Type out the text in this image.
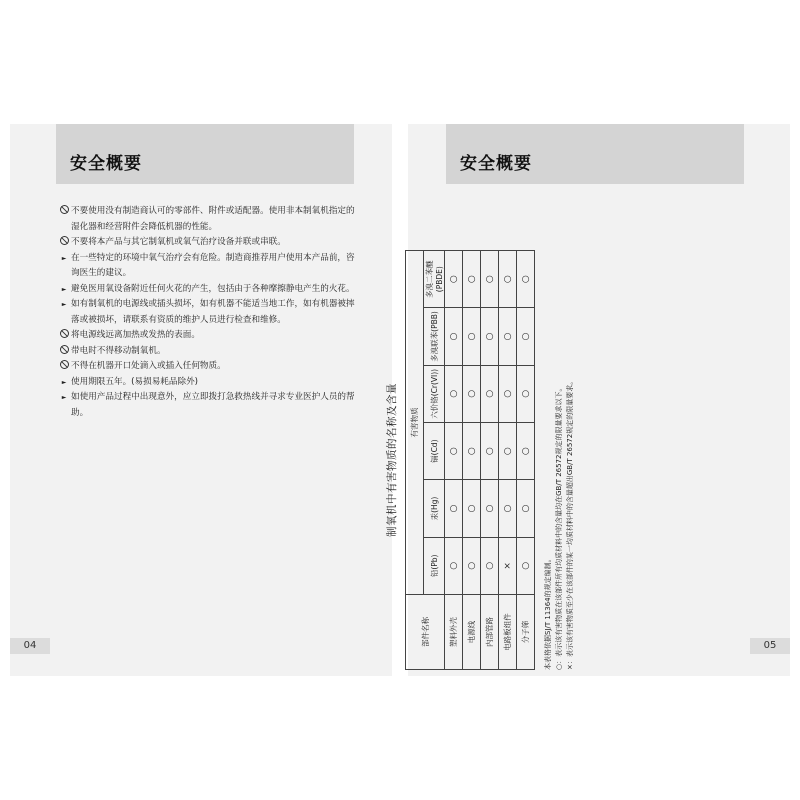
安全概要
不要使用没有制造商认可的零部件、附件或适配器。使用非本制氧机指定的湿化器和经营附件会降低机器的性能。
不要将本产品与其它制氧机或氧气治疗设备并联或串联。
► 在一些特定的环境中氧气治疗会有危险。制造商推荐用户使用本产品前，咨询医生的建议。
► 避免医用氧设备附近任何火花的产生，包括由于各种摩擦静电产生的火花。
► 如有制氧机的电源线或插头损坏，如有机器不能适当地工作，如有机器被摔落或被损坏，请联系有资质的维护人员进行检查和维修。
将电源线远离加热或发热的表面。
带电时不得移动制氧机。
不得在机器开口处滴入或插入任何物质。
► 使用期限五年。(易损易耗品除外)
► 如使用产品过程中出现意外，应立即拨打急救热线并寻求专业医护人员的帮助。
04
安全概要
制氧机中有害物质的名称及含量
部件名称	有害物质					
	铅(Pb)	汞(Hg)	镉(Cd)	六价铬(Cr(VI))	多溴联苯(PBB)	多溴二苯醚(PBDE)
塑料外壳	○	○	○	○	○	○
电源线	○	○	○	○	○	○
内部管路	○	○	○	○	○	○
电路板组件	×	○	○	○	○	○
分子筛	○	○	○	○	○	○
本表格依据SJ/T 11364的规定编制。 ○：表示该有害物质在该部件所有均质材料中的含量均在GB/T 26572规定的限量要求以下。 ×：表示该有害物质至少在该部件的某一均质材料中的含量超出GB/T 26572规定的限量要求。	05
